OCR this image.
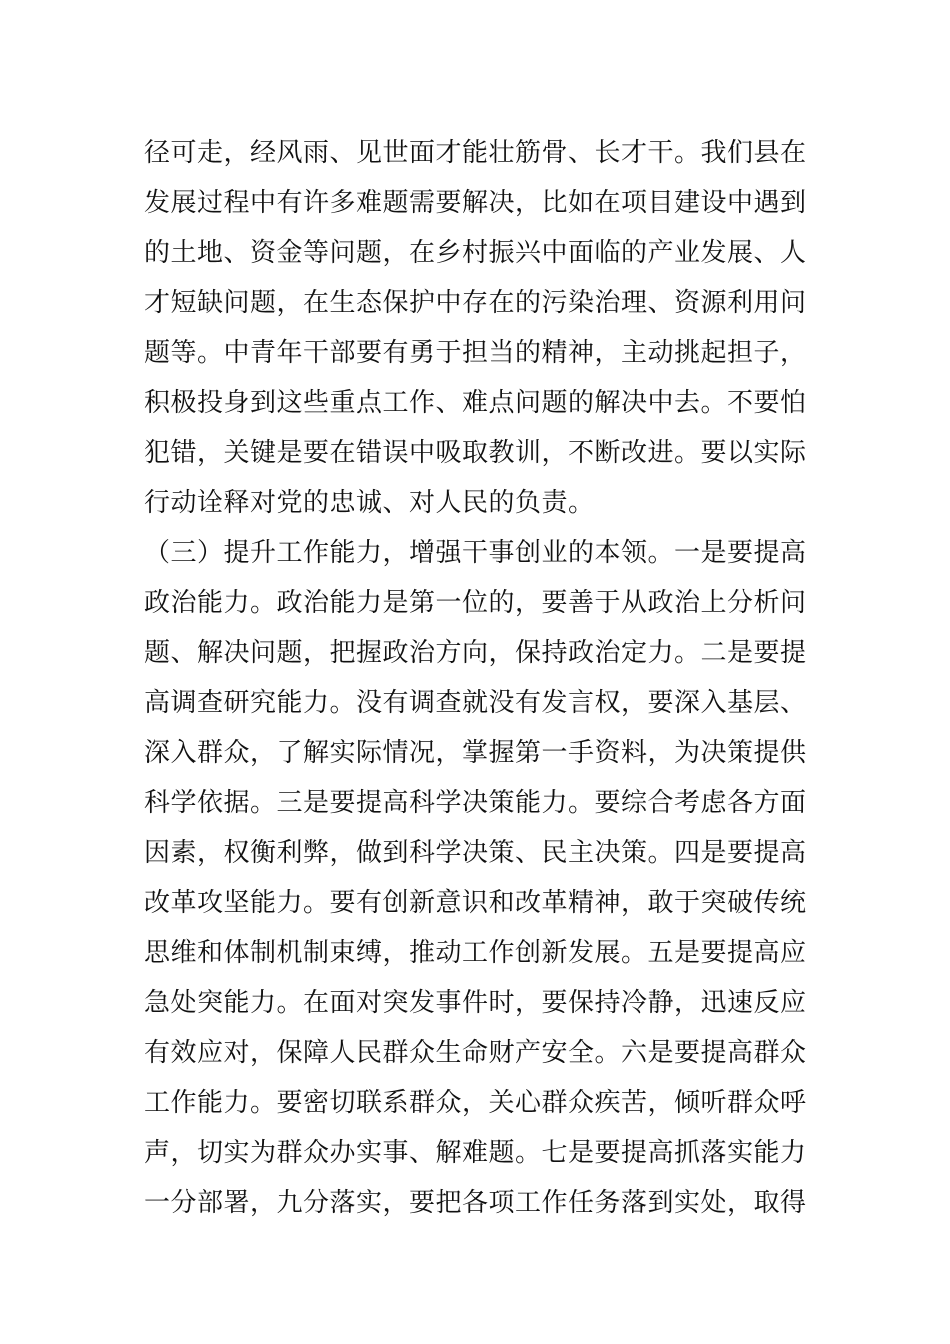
径可走，经风雨、见世面才能壮筋骨、长才干。我们县在
发展过程中有许多难题需要解决，比如在项目建设中遇到
的土地、资金等问题，在乡村振兴中面临的产业发展、人
才短缺问题，在生态保护中存在的污染治理、资源利用问
题等。中青年干部要有勇于担当的精神，主动挑起担子，
积极投身到这些重点工作、难点问题的解决中去。不要怕
犯错，关键是要在错误中吸取教训，不断改进。要以实际
行动诠释对党的忠诚、对人民的负责。
（三）提升工作能力，增强干事创业的本领。一是要提高
政治能力。政治能力是第一位的，要善于从政治上分析问
题、解决问题，把握政治方向，保持政治定力。二是要提
高调查研究能力。没有调查就没有发言权，要深入基层、
深入群众，了解实际情况，掌握第一手资料，为决策提供
科学依据。三是要提高科学决策能力。要综合考虑各方面
因素，权衡利弊，做到科学决策、民主决策。四是要提高
改革攻坚能力。要有创新意识和改革精神，敢于突破传统
思维和体制机制束缚，推动工作创新发展。五是要提高应
急处突能力。在面对突发事件时，要保持冷静，迅速反应
有效应对，保障人民群众生命财产安全。六是要提高群众
工作能力。要密切联系群众，关心群众疾苦，倾听群众呼
声，切实为群众办实事、解难题。七是要提高抓落实能力
一分部署，九分落实，要把各项工作任务落到实处，取得
